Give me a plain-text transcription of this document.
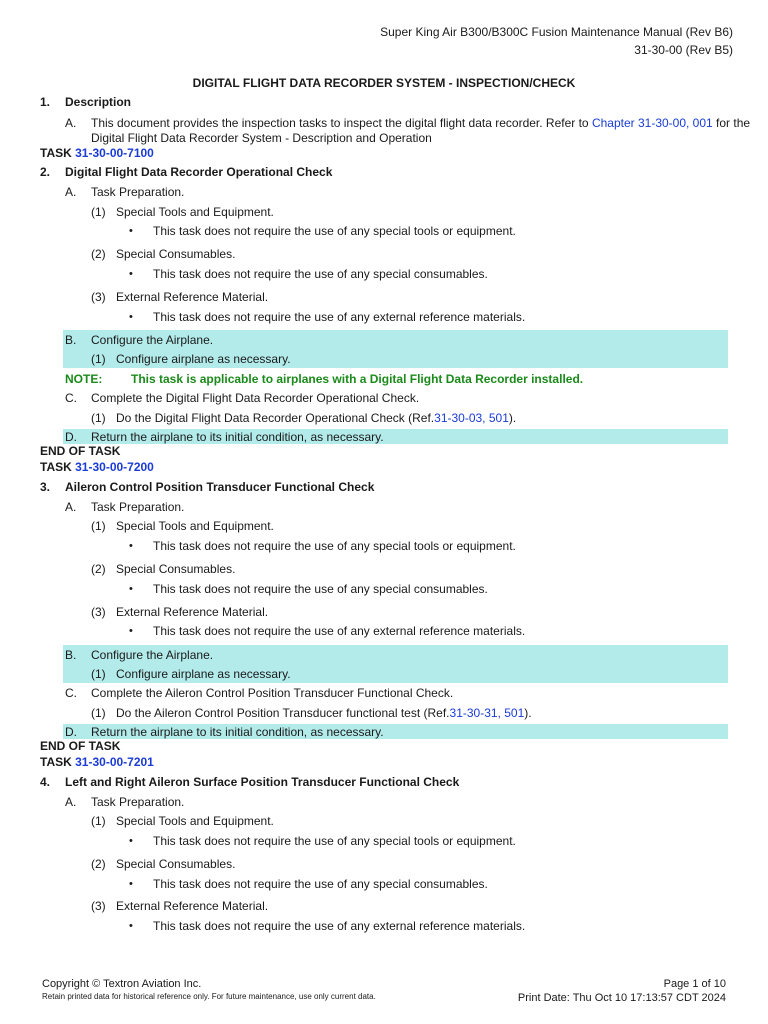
Super King Air B300/B300C Fusion Maintenance Manual (Rev B6)
31-30-00 (Rev B5)
DIGITAL FLIGHT DATA RECORDER SYSTEM - INSPECTION/CHECK
1. Description
A. This document provides the inspection tasks to inspect the digital flight data recorder. Refer to Chapter 31-30-00, 001 for the
Digital Flight Data Recorder System - Description and Operation
TASK 31-30-00-7100
2. Digital Flight Data Recorder Operational Check
A. Task Preparation.
(1) Special Tools and Equipment.
• This task does not require the use of any special tools or equipment.
(2) Special Consumables.
• This task does not require the use of any special consumables.
(3) External Reference Material.
• This task does not require the use of any external reference materials.
B. Configure the Airplane.
(1) Configure airplane as necessary.
NOTE: This task is applicable to airplanes with a Digital Flight Data Recorder installed.
C. Complete the Digital Flight Data Recorder Operational Check.
(1) Do the Digital Flight Data Recorder Operational Check (Ref.31-30-03, 501).
D. Return the airplane to its initial condition, as necessary.
END OF TASK
TASK 31-30-00-7200
3. Aileron Control Position Transducer Functional Check
A. Task Preparation.
(1) Special Tools and Equipment.
• This task does not require the use of any special tools or equipment.
(2) Special Consumables.
• This task does not require the use of any special consumables.
(3) External Reference Material.
• This task does not require the use of any external reference materials.
B. Configure the Airplane.
(1) Configure airplane as necessary.
C. Complete the Aileron Control Position Transducer Functional Check.
(1) Do the Aileron Control Position Transducer functional test (Ref.31-30-31, 501).
D. Return the airplane to its initial condition, as necessary.
END OF TASK
TASK 31-30-00-7201
4. Left and Right Aileron Surface Position Transducer Functional Check
A. Task Preparation.
(1) Special Tools and Equipment.
• This task does not require the use of any special tools or equipment.
(2) Special Consumables.
• This task does not require the use of any special consumables.
(3) External Reference Material.
• This task does not require the use of any external reference materials.
Copyright © Textron Aviation Inc.
Retain printed data for historical reference only. For future maintenance, use only current data.
Page 1 of 10
Print Date: Thu Oct 10 17:13:57 CDT 2024
